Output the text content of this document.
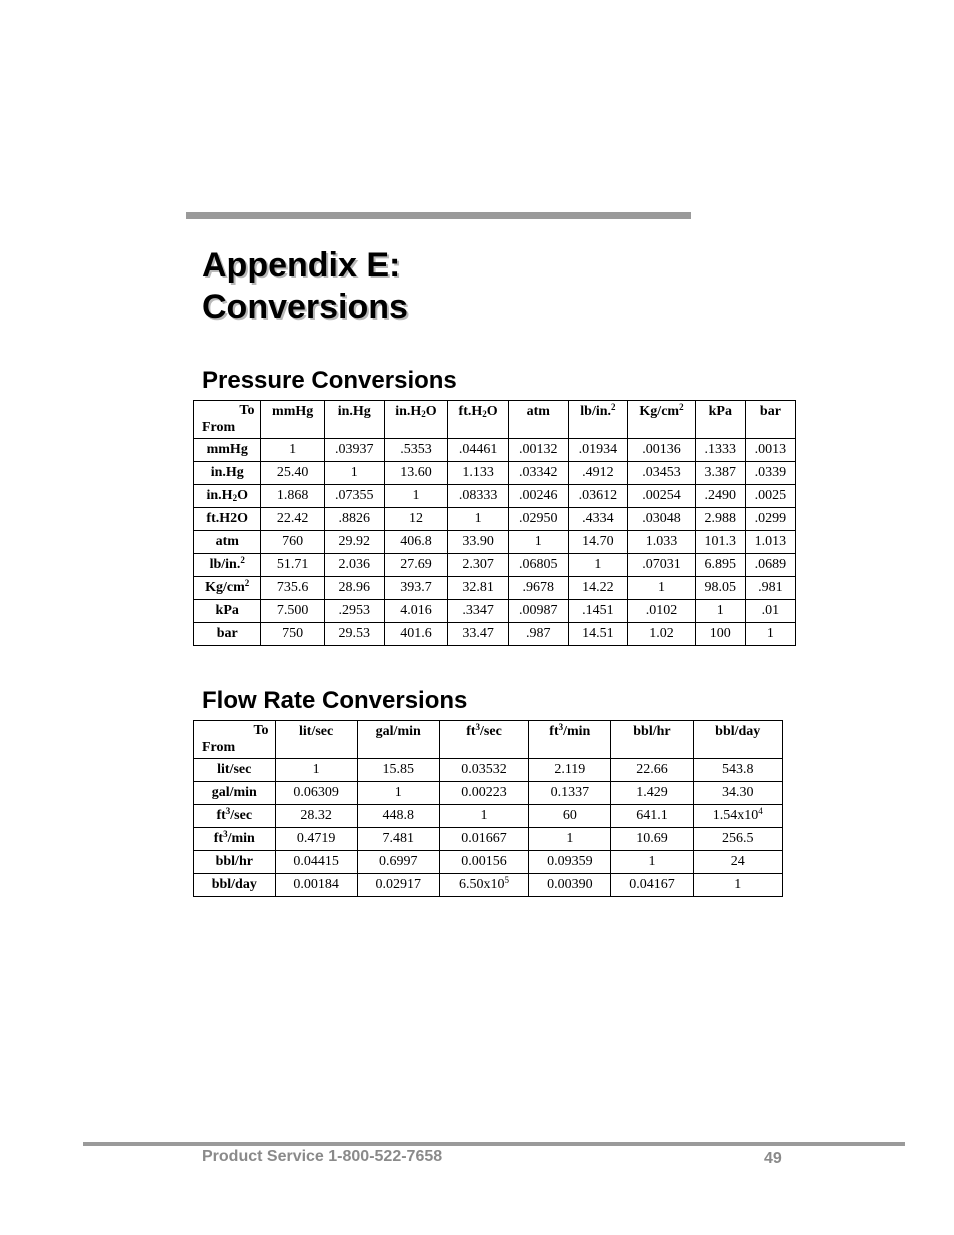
Appendix E:
Conversions
Pressure Conversions
To
From	mmHg	in.Hg	$in.H_2O$	$ft.H_2O$	atm	lb/in.$^2$	$Kg/cm^2$	kPa	bar
mmHg	1	.03937	.5353	.04461	.00132	.01934	.00136	.1333	.0013
in.Hg	25.40	1	13.60	1.133	.03342	.4912	.03453	3.387	.0339
$in.H_2O$	1.868	.07355	1	.08333	.00246	.03612	.00254	.2490	.0025
ft.H2O	22.42	.8826	12	1	.02950	.4334	.03048	2.988	.0299
atm	760	29.92	406.8	33.90	1	14.70	1.033	101.3	1.013
lb/in.$^2$	51.71	2.036	27.69	2.307	.06805	1	.07031	6.895	.0689
$Kg/cm^2$	735.6	28.96	393.7	32.81	.9678	14.22	1	98.05	.981
kPa	7.500	.2953	4.016	.3347	.00987	.1451	.0102	1	.01
bar	750	29.53	401.6	33.47	.987	14.51	1.02	100	1
Flow Rate Conversions
To
From	lit/sec	gal/min	$ft^3/\sec$	$ft^3/\min$	bbl/hr	bbl/day
lit/sec	1	15.85	0.03532	2.119	22.66	543.8
gal/min	0.06309	1	0.00223	0.1337	1.429	34.30
$ft^3/\sec$	28.32	448.8	1	60	641.1	$1.54x10^4$
$ft^3/\min$	0.4719	7.481	0.01667	1	10.69	256.5
bbl/hr	0.04415	0.6997	0.00156	0.09359	1	24
bbl/day	0.00184	0.02917	$6.50x10^5$	0.00390	0.04167	1
Product Service 1-800-522-7658	49
